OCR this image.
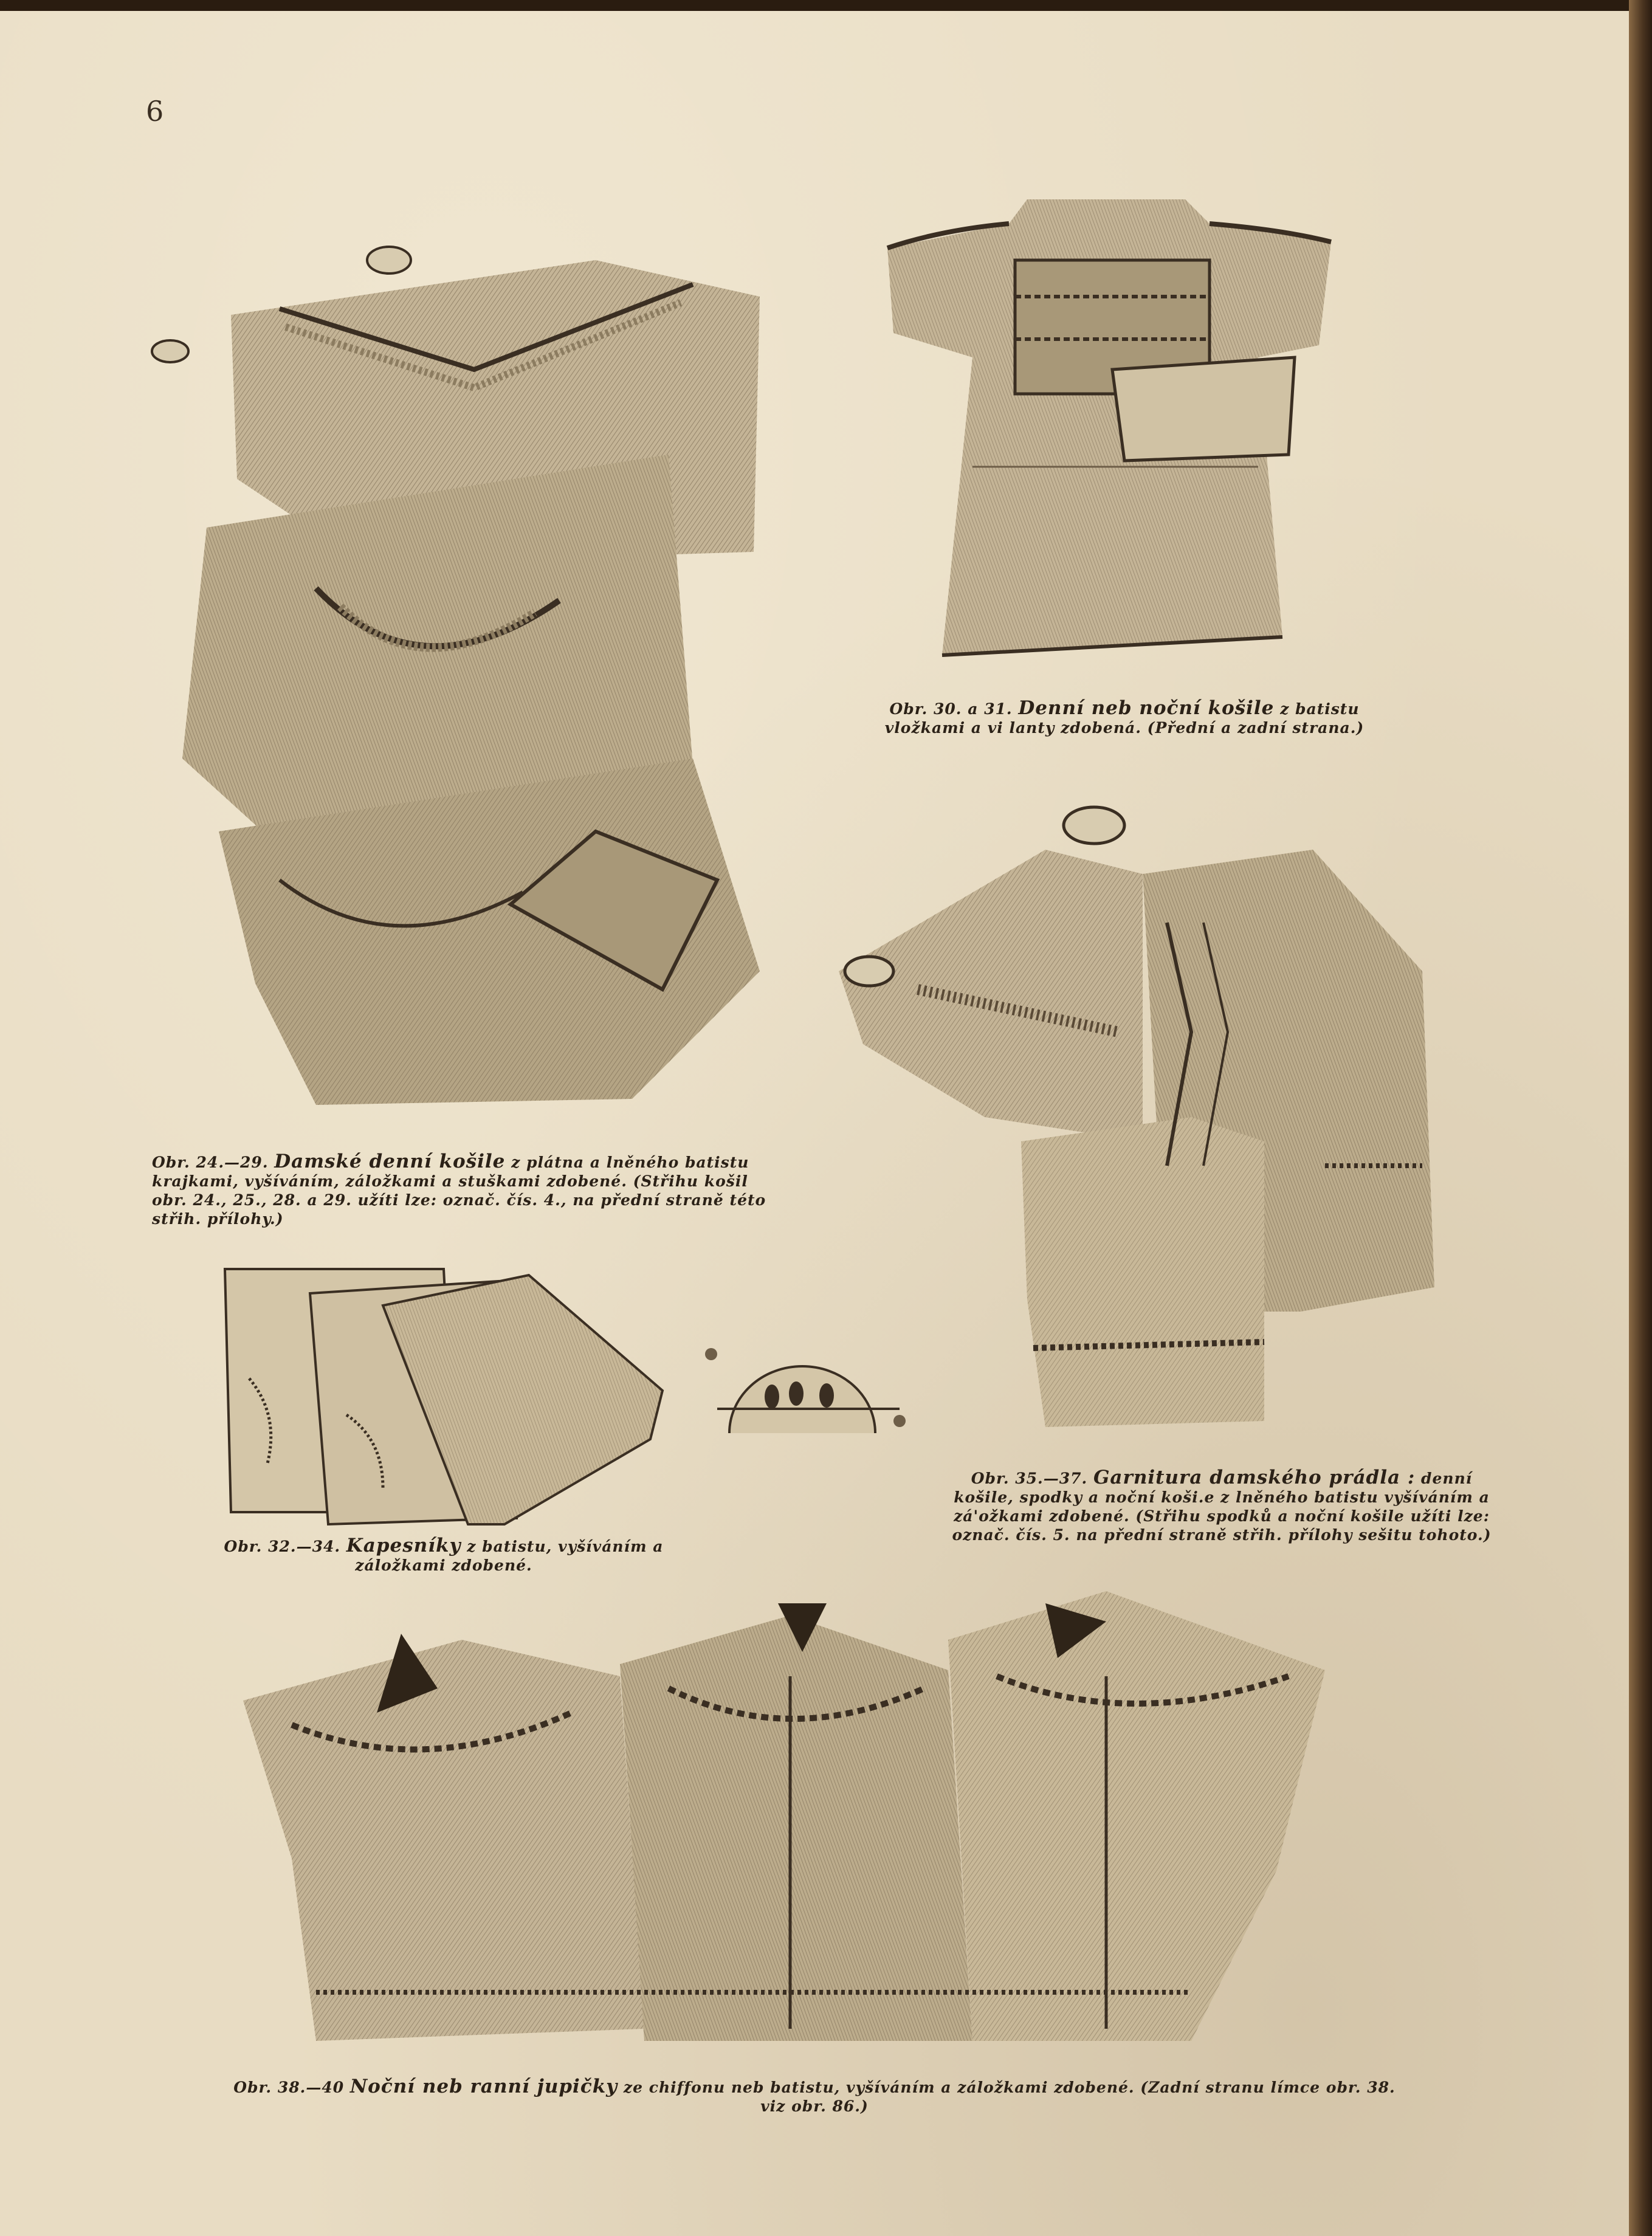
6
Obr. 24.—29. Damské denní košile z plátna a lněného batistu krajkami, vyšíváním, záložkami a stuškami zdobené. (Střihu košil obr. 24., 25., 28. a 29. užíti lze: označ. čís. 4., na přední straně této střih. přílohy.)
Obr. 30. a 31. Denní neb noční košile z batistu vložkami a vi lanty zdobená. (Přední a zadní strana.)
Obr. 32.—34. Kapesníky z batistu, vyšíváním a záložkami zdobené.
Obr. 35.—37. Garnitura damského prádla : denní košile, spodky a noční koši.e z lněného batistu vyšíváním a zá'ožkami zdobené. (Střihu spodků a noční košile užíti lze: označ. čís. 5. na přední straně střih. přílohy sešitu tohoto.)
Obr. 38.—40 Noční neb ranní jupičky ze chiffonu neb batistu, vyšíváním a záložkami zdobené. (Zadní stranu límce obr. 38. viz obr. 86.)
